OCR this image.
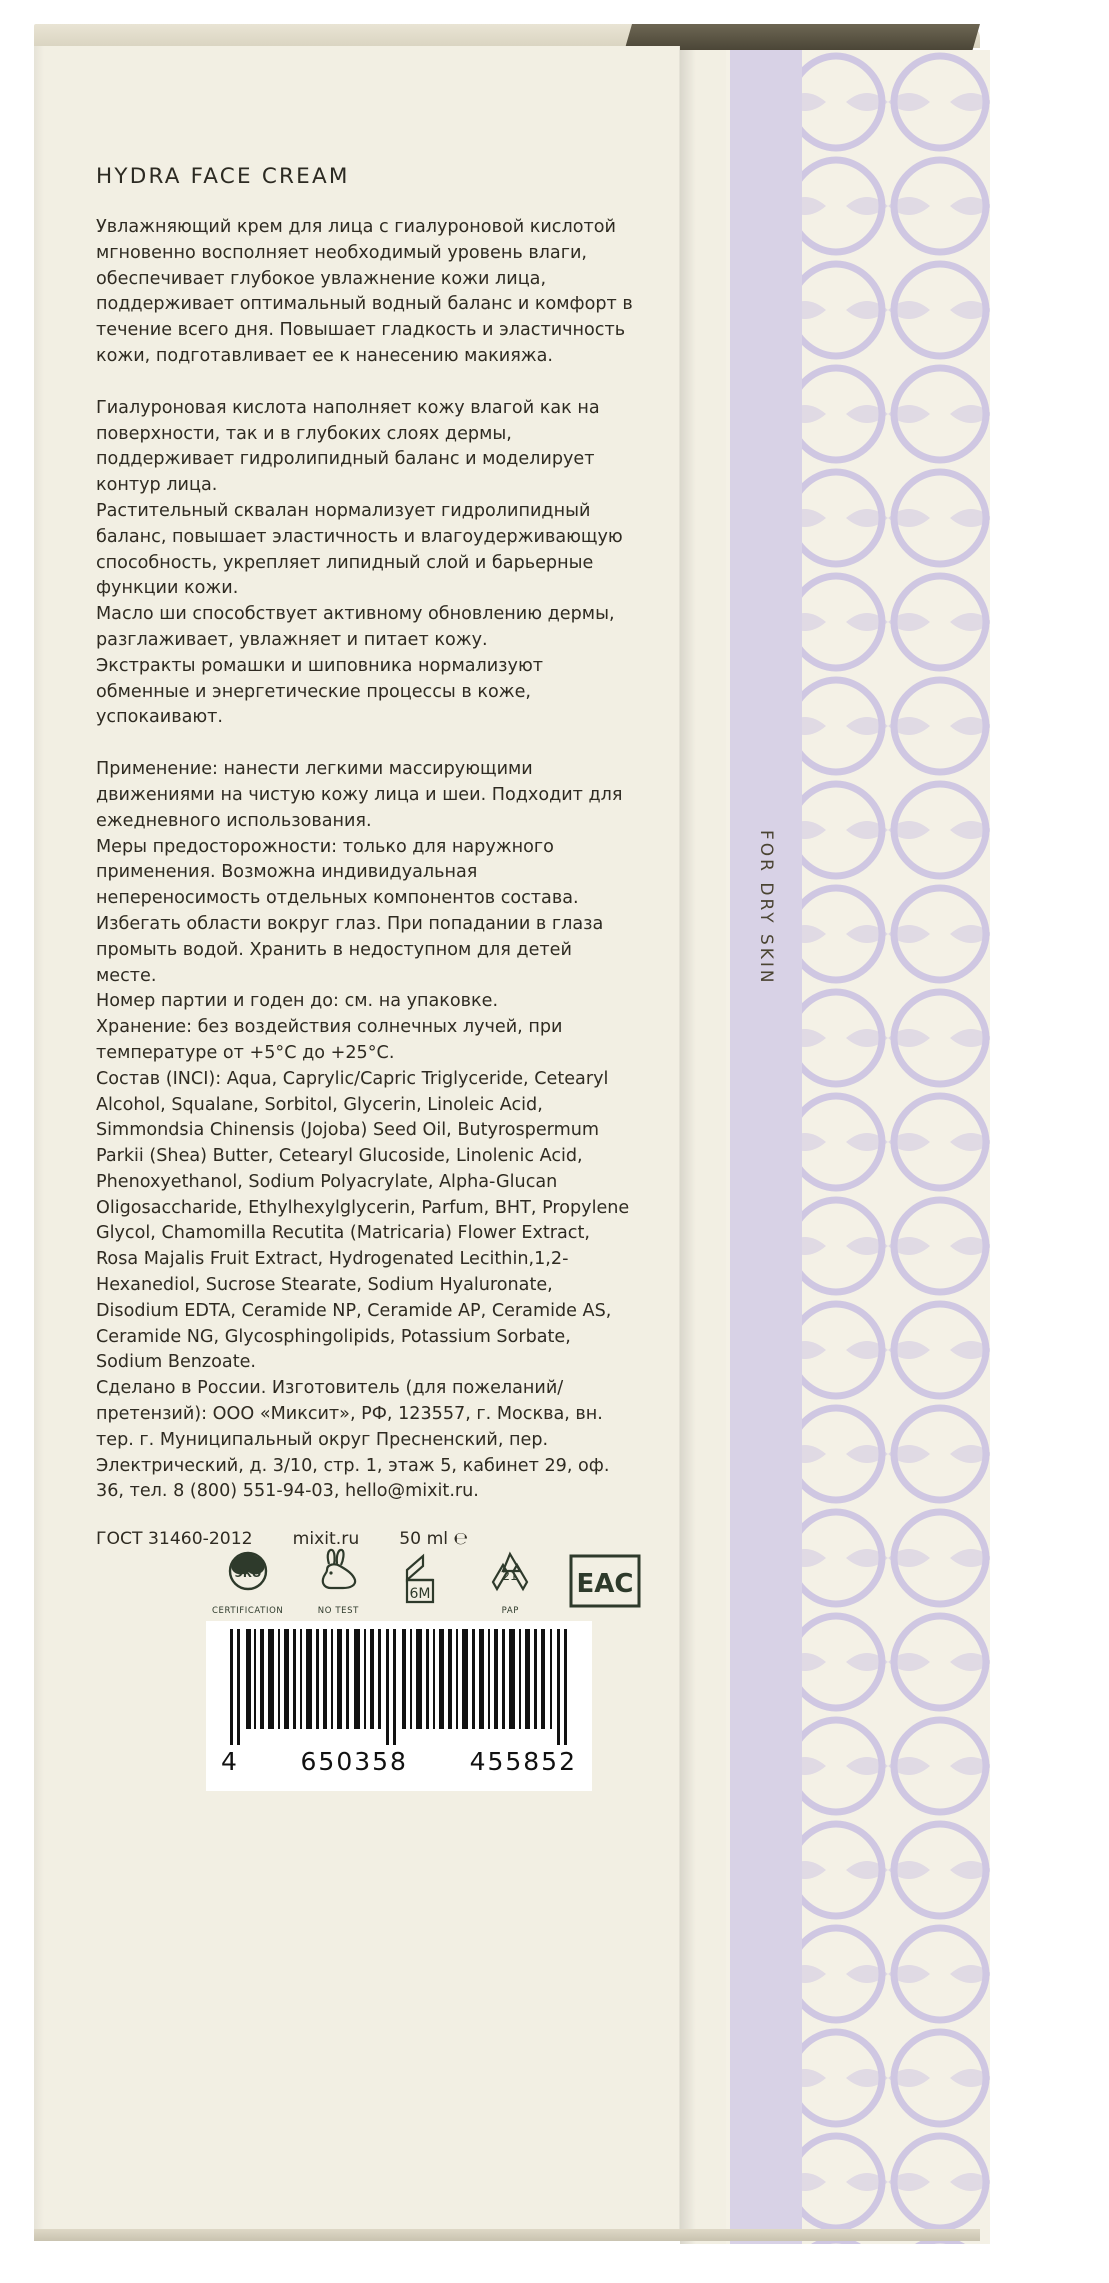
FOR DRY SKIN
HYDRA FACE CREAM

Увлажняющий крем для лица с гиалуроновой кислотой мгновенно восполняет необходимый уровень влаги, обеспечивает глубокое увлажнение кожи лица, поддерживает оптимальный водный баланс и комфорт в течение всего дня. Повышает гладкость и эластичность кожи, подготавливает ее к нанесению макияжа.

Гиалуроновая кислота наполняет кожу влагой как на поверхности, так и в глубоких слоях дермы, поддерживает гидролипидный баланс и моделирует контур лица.

Растительный сквалан нормализует гидролипидный баланс, повышает эластичность и влагоудерживающую способность, укрепляет липидный слой и барьерные функции кожи.

Масло ши способствует активному обновлению дермы, разглаживает, увлажняет и питает кожу.

Экстракты ромашки и шиповника нормализуют обменные и энергетические процессы в коже, успокаивают.

Применение: нанести легкими массирующими движениями на чистую кожу лица и шеи. Подходит для ежедневного использования.

Меры предосторожности: только для наружного применения. Возможна индивидуальная непереносимость отдельных компонентов состава. Избегать области вокруг глаз. При попадании в глаза промыть водой. Хранить в недоступном для детей месте.

Номер партии и годен до: см. на упаковке.

Хранение: без воздействия солнечных лучей, при температуре от +5°C до +25°C.

Состав (INCI): Aqua, Caprylic/Capric Triglyceride, Cetearyl Alcohol, Squalane, Sorbitol, Glycerin, Linoleic Acid, Simmondsia Chinensis (Jojoba) Seed Oil, Butyrospermum Parkii (Shea) Butter, Cetearyl Glucoside, Linolenic Acid, Phenoxyethanol, Sodium Polyacrylate, Alpha-Glucan Oligosaccharide, Ethylhexylglycerin, Parfum, BHT, Propylene Glycol, Chamomilla Recutita (Matricaria) Flower Extract, Rosa Majalis Fruit Extract, Hydrogenated Lecithin,1,2-Hexanediol, Sucrose Stearate, Sodium Hyaluronate, Disodium EDTA, Ceramide NP, Ceramide AP, Ceramide AS, Ceramide NG, Glycosphingolipids, Potassium Sorbate, Sodium Benzoate.

Сделано в России. Изготовитель (для пожеланий/претензий): ООО «Миксит», РФ, 123557, г. Москва, вн. тер. г. Муниципальный округ Пресненский, пер. Электрический, д. 3/10, стр. 1, этаж 5, кабинет 29, оф. 36, тел. 8 (800) 551-94-03, hello@mixit.ru.

ГОСТ 31460-2012 mixit.ru 50 ml ℮
ЭКО
CERTIFICATION	NO TEST
6M
21
PAP
EAC
4 650358 455852
